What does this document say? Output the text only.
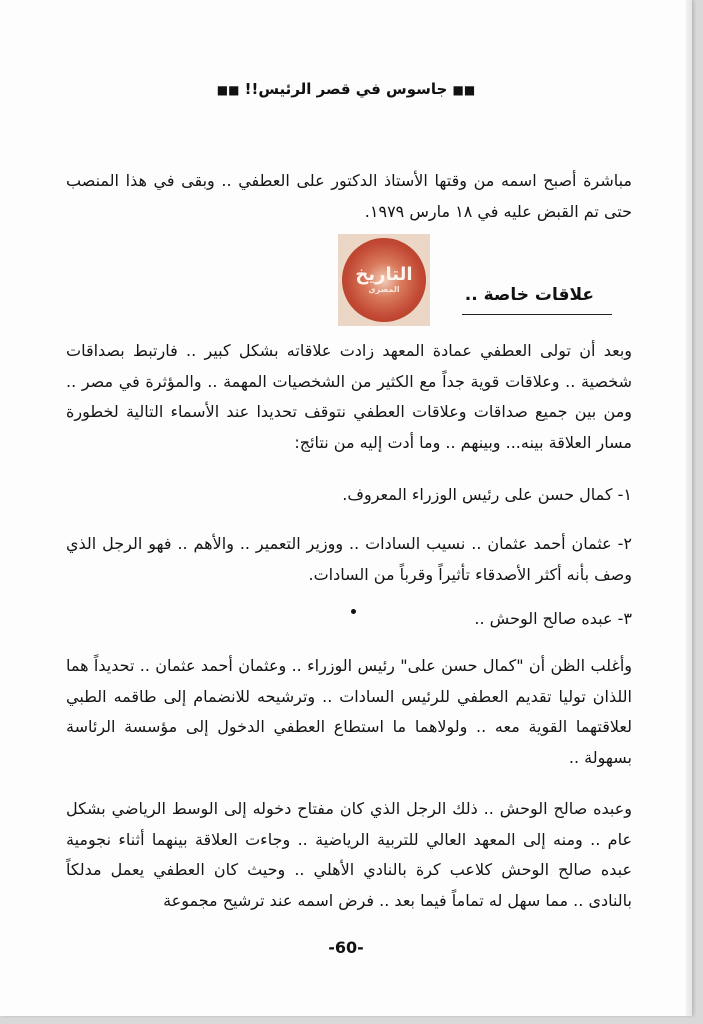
■■ جاسوس في قصر الرئيس!! ■■
مباشرة أصبح اسمه من وقتها الأستاذ الدكتور على العطفي .. وبقى في هذا المنصب حتى تم القبض عليه في ١٨ مارس ١٩٧٩.
التاريخ
المصري	علاقات خاصة ..
وبعد أن تولى العطفي عمادة المعهد زادت علاقاته بشكل كبير .. فارتبط بصداقات شخصية .. وعلاقات قوية جداً مع الكثير من الشخصيات المهمة .. والمؤثرة في مصر .. ومن بين جميع صداقات وعلاقات العطفي نتوقف تحديدا عند الأسماء التالية لخطورة مسار العلاقة بينه... وبينهم .. وما أدت إليه من نتائج:
١- كمال حسن على رئيس الوزراء المعروف.
٢- عثمان أحمد عثمان .. نسيب السادات .. ووزير التعمير .. والأهم .. فهو الرجل الذي وصف بأنه أكثر الأصدقاء تأثيراً وقرباً من السادات.
٣- عبده صالح الوحش ..
وأغلب الظن أن "كمال حسن على" رئيس الوزراء .. وعثمان أحمد عثمان .. تحديداً هما اللذان توليا تقديم العطفي للرئيس السادات .. وترشيحه للانضمام إلى طاقمه الطبي لعلاقتهما القوية معه .. ولولاهما ما استطاع العطفي الدخول إلى مؤسسة الرئاسة بسهولة ..
وعبده صالح الوحش .. ذلك الرجل الذي كان مفتاح دخوله إلى الوسط الرياضي بشكل عام .. ومنه إلى المعهد العالي للتربية الرياضية .. وجاءت العلاقة بينهما أثناء نجومية عبده صالح الوحش كلاعب كرة بالنادي الأهلي .. وحيث كان العطفي يعمل مدلكاً بالنادى .. مما سهل له تماماً فيما بعد .. فرض اسمه عند ترشيح مجموعة
-60-
